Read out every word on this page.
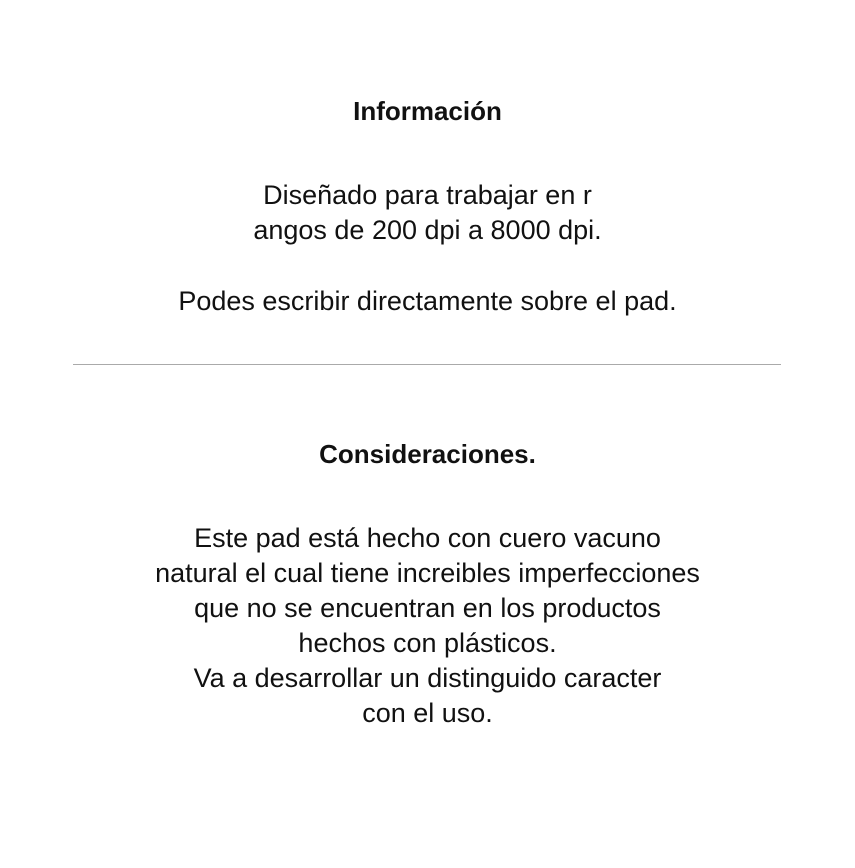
Información
Diseñado para trabajar en r
angos de 200 dpi a 8000 dpi.
Podes escribir directamente sobre el pad.
Consideraciones.
Este pad está hecho con cuero vacuno
natural el cual tiene increibles imperfecciones
que no se encuentran en los productos
hechos con plásticos.
Va a desarrollar un distinguido caracter
con el uso.
